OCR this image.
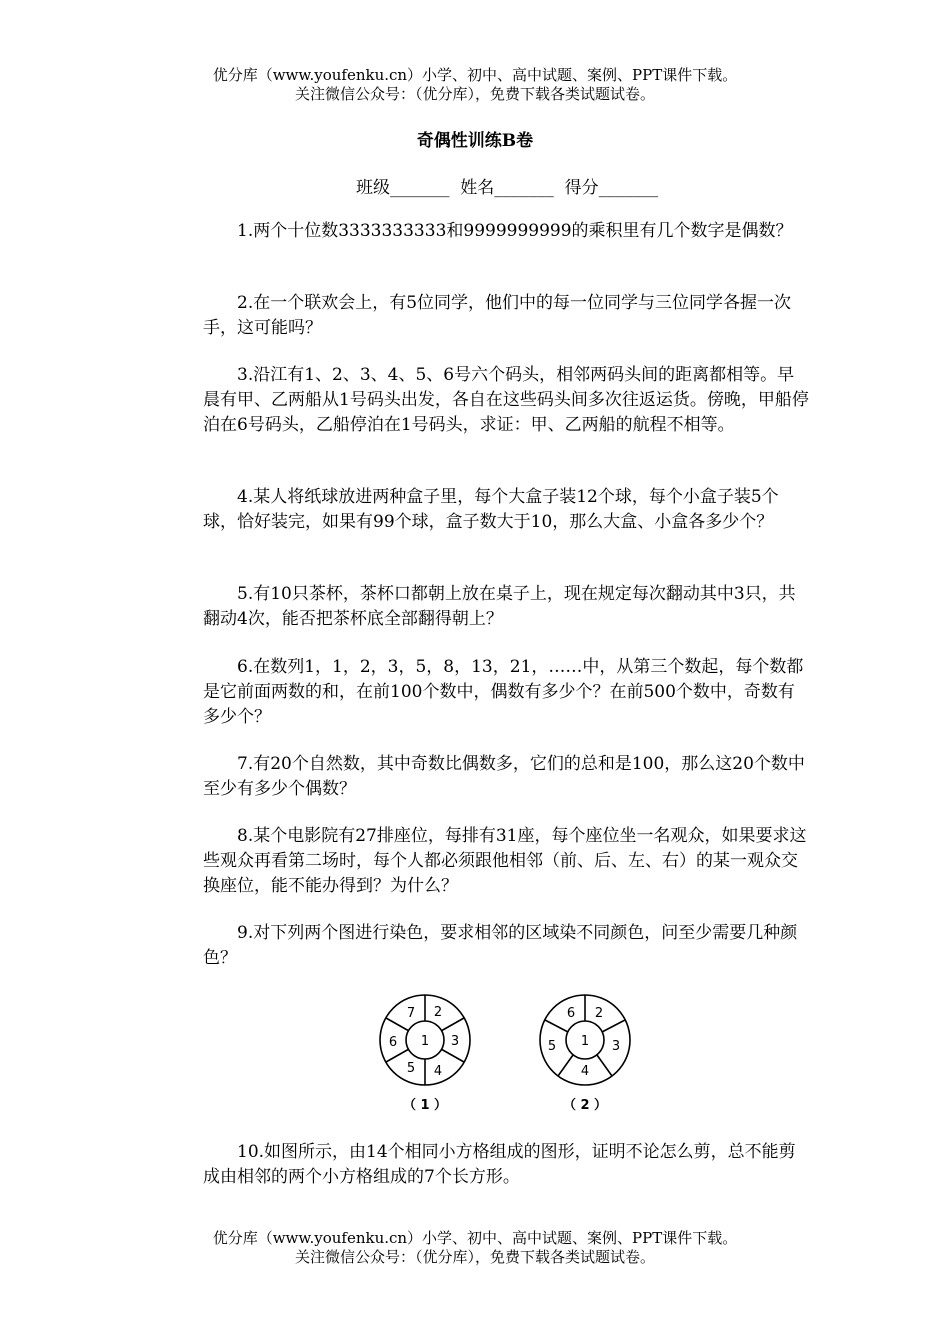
优分库（www.youfenku.cn）小学、初中、高中试题、案例、PPT课件下载。
关注微信公众号：（优分库），免费下载各类试题试卷。
奇偶性训练B卷
班级_______  姓名_______  得分_______

1.两个十位数3333333333和9999999999的乘积里有几个数字是偶数？

2.在一个联欢会上，有5位同学，他们中的每一位同学与三位同学各握一次手，这可能吗？

3.沿江有1、2、3、4、5、6号六个码头，相邻两码头间的距离都相等。早晨有甲、乙两船从1号码头出发，各自在这些码头间多次往返运货。傍晚，甲船停泊在6号码头，乙船停泊在1号码头，求证：甲、乙两船的航程不相等。

4.某人将纸球放进两种盒子里，每个大盒子装12个球，每个小盒子装5个球，恰好装完，如果有99个球，盒子数大于10，那么大盒、小盒各多少个？

5.有10只茶杯，茶杯口都朝上放在桌子上，现在规定每次翻动其中3只，共翻动4次，能否把茶杯底全部翻得朝上？

6.在数列1，1，2，3，5，8，13，21，……中，从第三个数起，每个数都是它前面两数的和，在前100个数中，偶数有多少个？在前500个数中，奇数有多少个？

7.有20个自然数，其中奇数比偶数多，它们的总和是100，那么这20个数中至少有多少个偶数？

8.某个电影院有27排座位，每排有31座，每个座位坐一名观众，如果要求这些观众再看第二场时，每个人都必须跟他相邻（前、后、左、右）的某一观众交换座位，能不能办得到？为什么？

9.对下列两个图进行染色，要求相邻的区域染不同颜色，问至少需要几种颜色？

1
2
3
4
5
6
7
（ 1 ）
1
2
3
4
5
6
（ 2 ）

10.如图所示，由14个相同小方格组成的图形，证明不论怎么剪，总不能剪成由相邻的两个小方格组成的7个长方形。

优分库（www.youfenku.cn）小学、初中、高中试题、案例、PPT课件下载。
关注微信公众号：（优分库），免费下载各类试题试卷。
